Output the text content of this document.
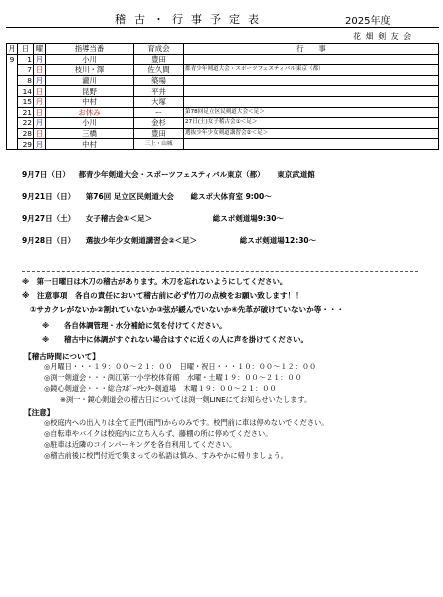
稽古・行事予定表	2025年度
花 畑 剣 友 会
月	日	曜	指導当番	育成会	行　　事
9	1	月	小川	豊田	
	7	日	枝川・澤	佐久間	都青少年剣道大会・スポーツフェスティバル東京（都）
	8	月	瀧川	築場	
	14	日	昆野	平井	
	15	月	中村	大塚	
	21	日	お休み	ー	第78回足立区民剣道大会＜足＞
	22	月	小川	金杉	27日(土)女子稽古会①＜足＞
	28	日	三橋	豊田	選抜少年少女剣道講習会②＜足＞
	29	月	中村	三上・山城	
9月7日（日） 都青少年剣道大会・スポーツフェスティバル東京（都） 東京武道館
9月21日（日） 第76回 足立区民剣道大会 総スポ大体育室 9:00～
9月27日（土） 女子稽古会①＜足＞	総スポ剣道場9:30～
9月28日（日） 選抜少年少女剣道講習会②＜足＞	総スポ剣道場12:30～
※　第一日曜日は木刀の稽古があります。木刀を忘れないようにしてください。
※　注意事項　各自の責任において稽古前に必ず竹刀の点検をお願い致します！！
①サカクレがないか②割れていないか③弦が緩んでいないか④先革が破けていないか等・・・
※　　各自体調管理・水分補給に気を付けてください。
※　　稽古中に体調がすぐれない場合はすぐに近くの人に声を掛けてください。
【稽古時間について】
◎月曜日・・・１９：００～２１：００　日曜・祝日・・・１０：００～１２：００
◎渕一剣道会・・・渕江第一小学校体育館　水曜・土曜１９：００～２１：００
◎鏡心剣道会・・・総合ｽﾎﾟｰﾂｾﾝﾀｰ剣道場　木曜１９：００～２１：００
※渕一・鏡心剣道会の稽古日については渕一剣LINEにてお知らせいたします。
【注意】
◎校庭内への出入りは全て正門(南門)からのみです。校門前に車は停めないでください。
◎自転車やバイクは校庭内に立ち入らず、藤棚の所に停めてください。
◎駐車は近隣のコインパーキングを各自利用してください。
◎稽古前後に校門付近で集まっての私語は慎み、すみやかに帰りましょう。
